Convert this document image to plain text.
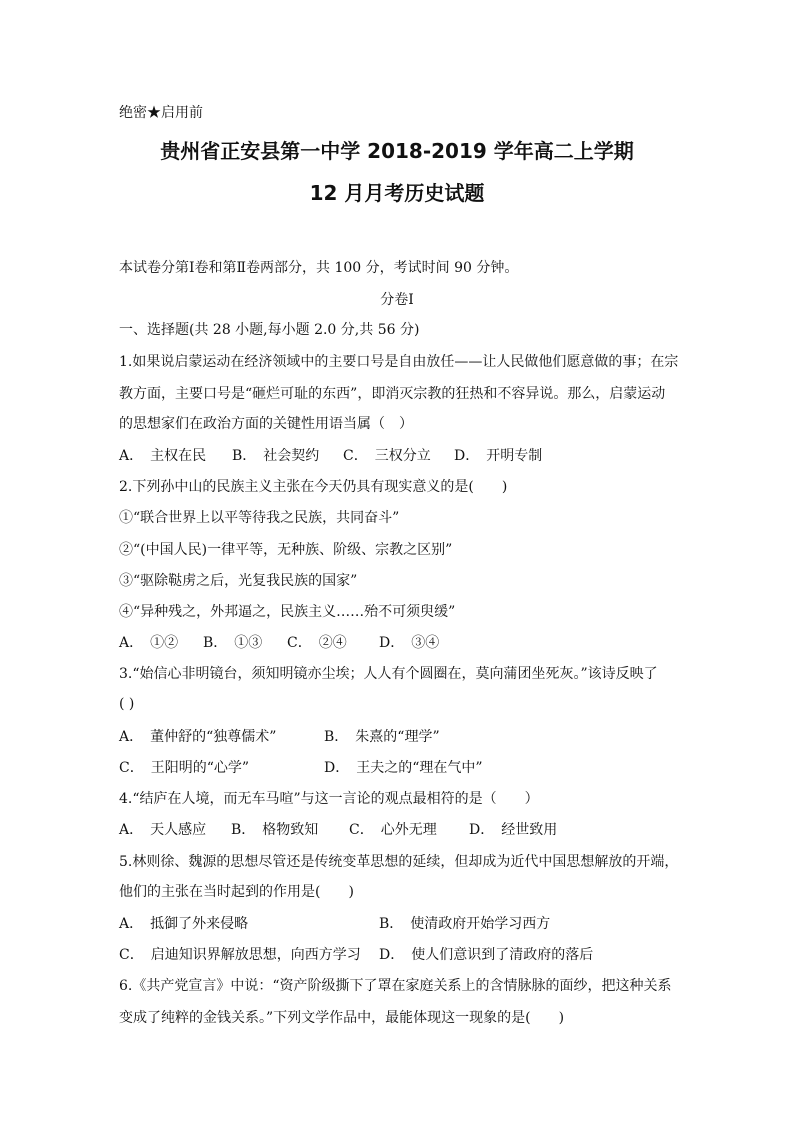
绝密★启用前
贵州省正安县第一中学 2018-2019 学年高二上学期
12 月月考历史试题
本试卷分第Ⅰ卷和第Ⅱ卷两部分，共 100 分，考试时间 90 分钟。
分卷Ⅰ
一、选择题(共 28 小题,每小题 2.0 分,共 56 分)
1.如果说启蒙运动在经济领域中的主要口号是自由放任——让人民做他们愿意做的事；在宗
教方面，主要口号是“砸烂可耻的东西”，即消灭宗教的狂热和不容异说。那么，启蒙运动
的思想家们在政治方面的关键性用语当属（　）
A．　主权在民 B．　社会契约 C．　三权分立 D．　开明专制
2.下列孙中山的民族主义主张在今天仍具有现实意义的是(　　)
①“联合世界上以平等待我之民族，共同奋斗”
②“(中国人民)一律平等，无种族、阶级、宗教之区别”
③“驱除鞑虏之后，光复我民族的国家”
④“异种残之，外邦逼之，民族主义……殆不可须臾缓”
A．　①② B．　①③ C．　②④ D．　③④
3.“始信心非明镜台，须知明镜亦尘埃；人人有个圆圈在，莫向蒲团坐死灰。”该诗反映了
( )
A．　董仲舒的“独尊儒术”	B．　朱熹的“理学”
C．　王阳明的“心学”	D．　王夫之的“理在气中”
4.“结庐在人境，而无车马喧”与这一言论的观点最相符的是（　　）
A．　天人感应 B．　格物致知 C．　心外无理 D．　经世致用
5.林则徐、魏源的思想尽管还是传统变革思想的延续，但却成为近代中国思想解放的开端，
他们的主张在当时起到的作用是(　　)
A．　抵御了外来侵略	B．　使清政府开始学习西方
C．　启迪知识界解放思想，向西方学习 D．　使人们意识到了清政府的落后
6.《共产党宣言》中说：“资产阶级撕下了罩在家庭关系上的含情脉脉的面纱，把这种关系
变成了纯粹的金钱关系。”下列文学作品中，最能体现这一现象的是(　　)
